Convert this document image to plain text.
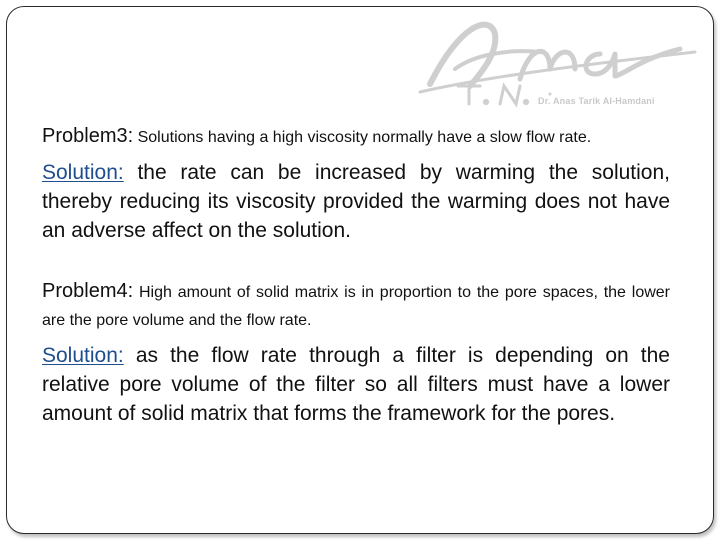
Dr. Anas Tarik Al-Hamdani

Problem3: Solutions having a high viscosity normally have a slow flow rate.

Solution: the rate can be increased by warming the solution, thereby reducing its viscosity provided the warming does not have an adverse affect on the solution.

Problem4: High amount of solid matrix is in proportion to the pore spaces, the lower are the pore volume and the flow rate.

Solution: as the flow rate through a filter is depending on the relative pore volume of the filter so all filters must have a lower amount of solid matrix that forms the framework for the pores.
